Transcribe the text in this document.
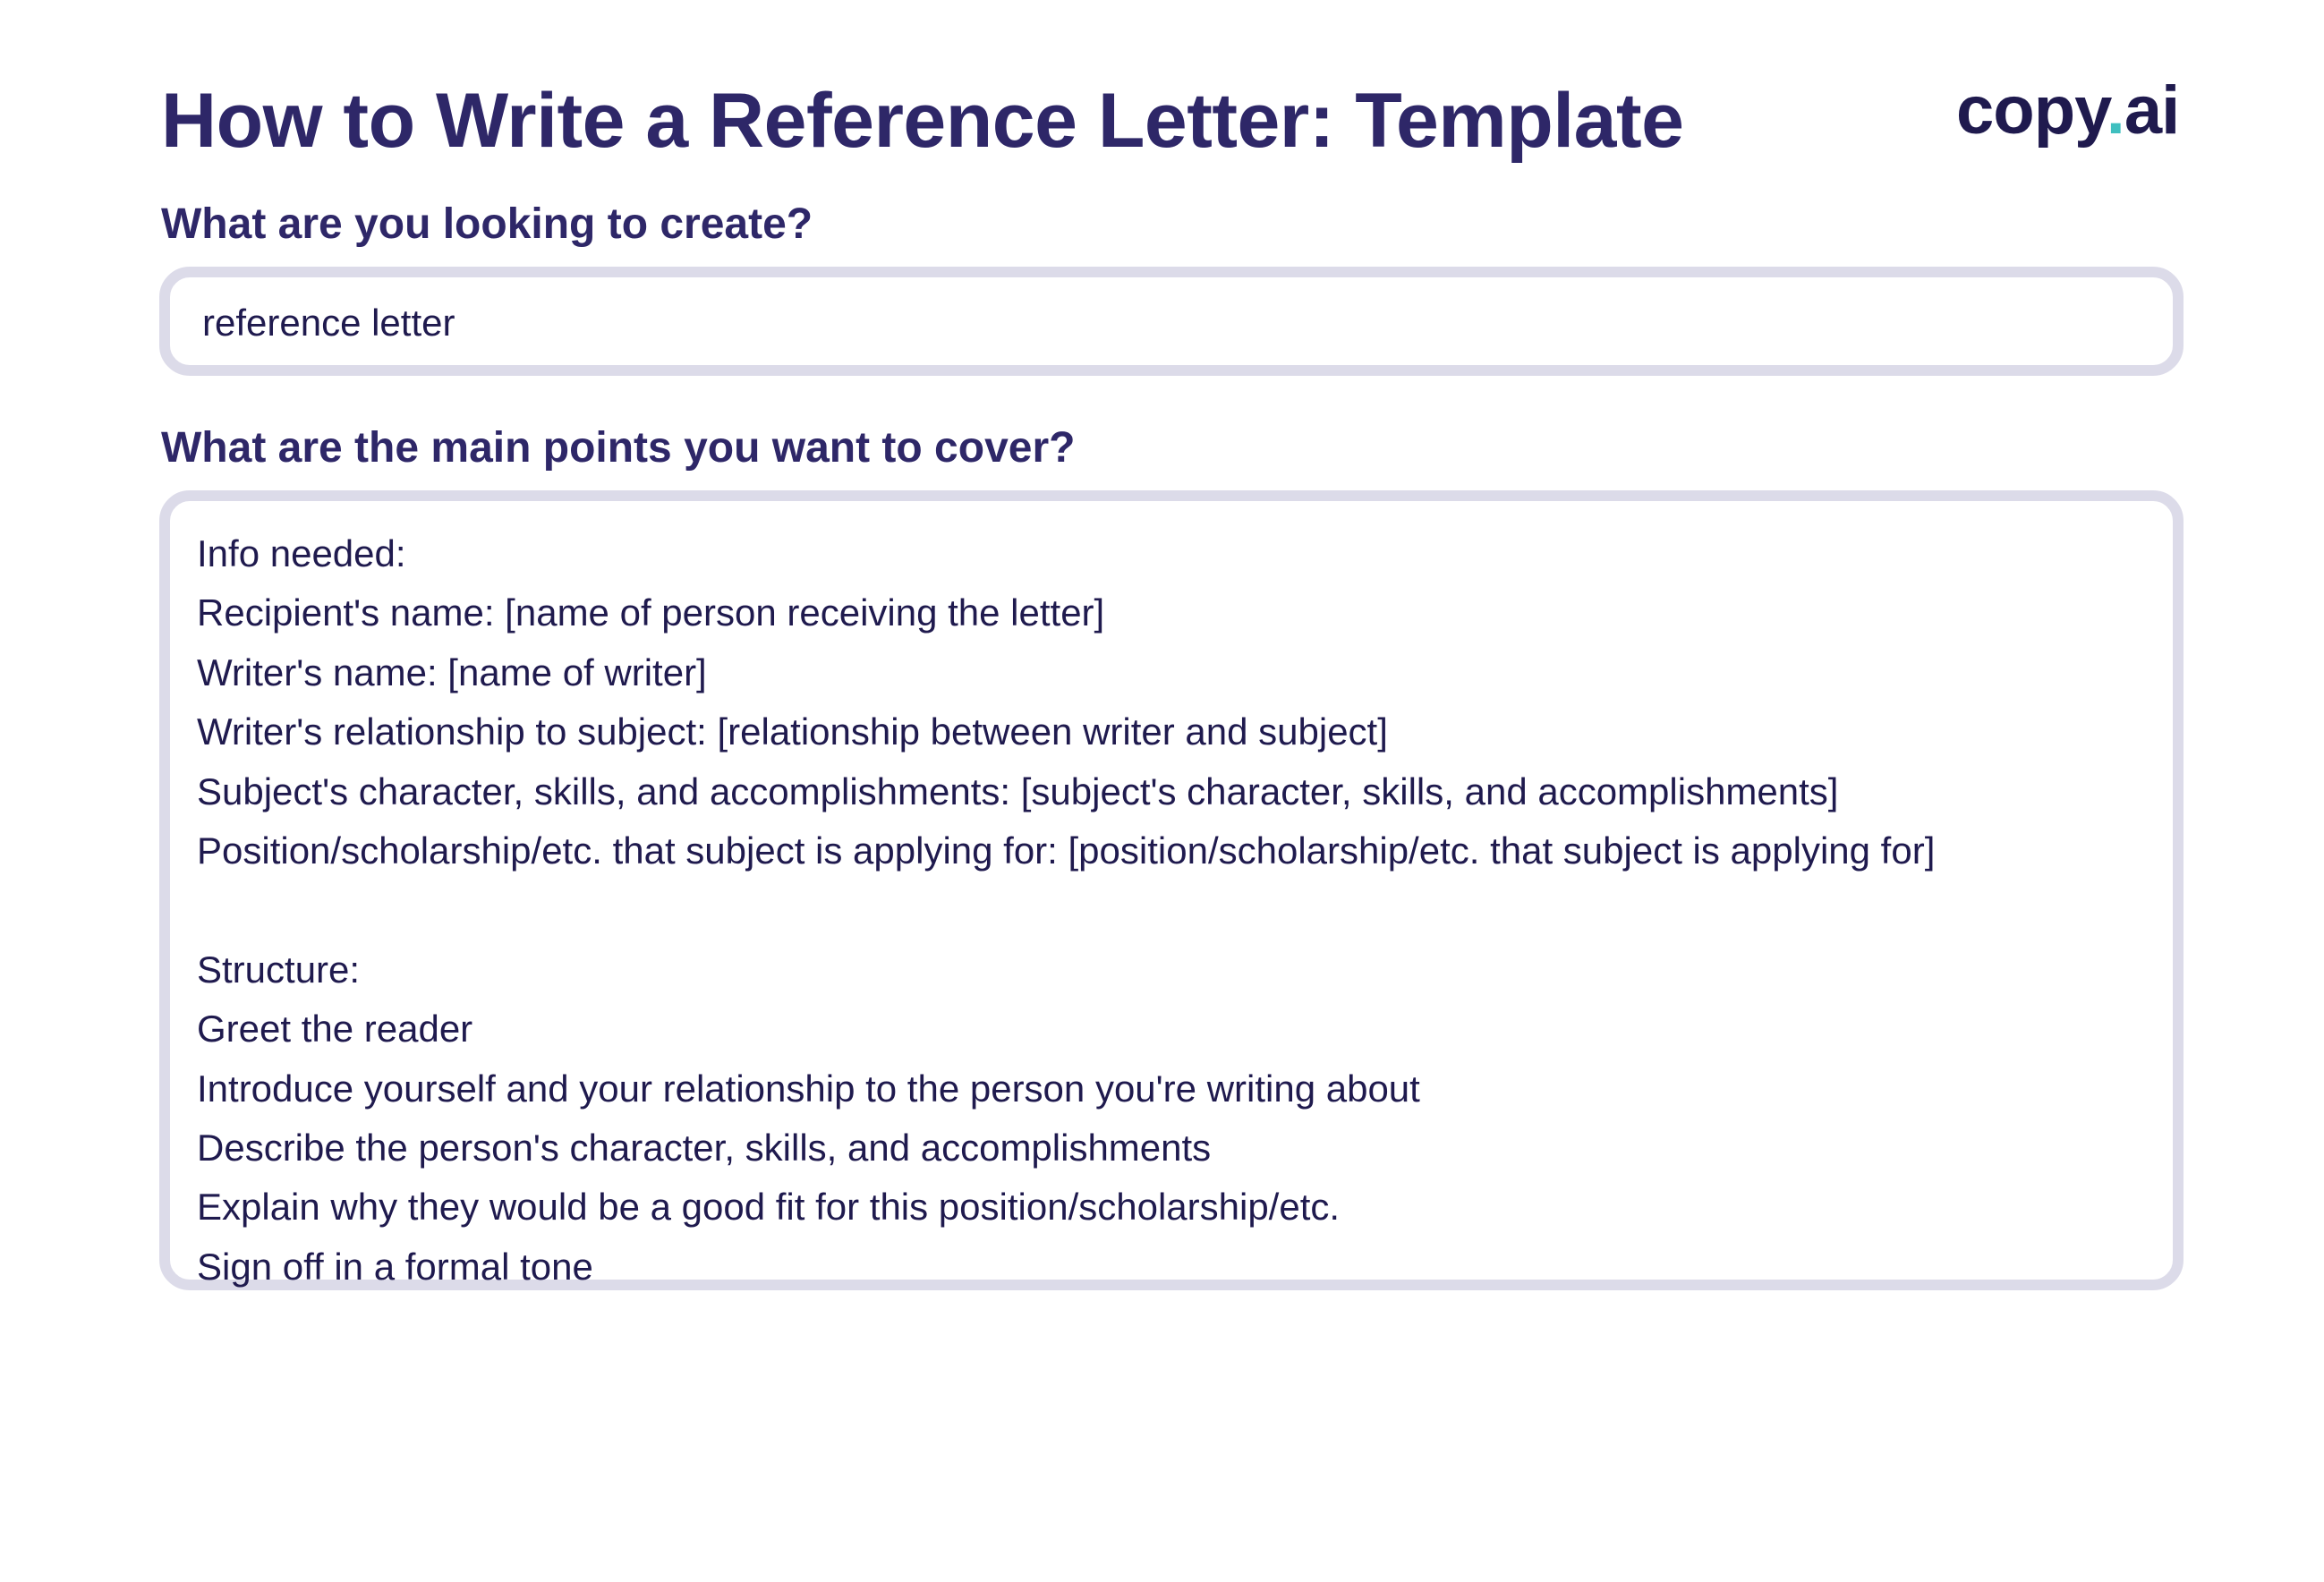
How to Write a Reference Letter: Template	copy.ai
What are you looking to create?
reference letter
What are the main points you want to cover?
Info needed:
Recipient's name: [name of person receiving the letter]
Writer's name: [name of writer]
Writer's relationship to subject: [relationship between writer and subject]
Subject's character, skills, and accomplishments: [subject's character, skills, and accomplishments]
Position/scholarship/etc. that subject is applying for: [position/scholarship/etc. that subject is applying for]
Structure:
Greet the reader
Introduce yourself and your relationship to the person you're writing about
Describe the person's character, skills, and accomplishments
Explain why they would be a good fit for this position/scholarship/etc.
Sign off in a formal tone
